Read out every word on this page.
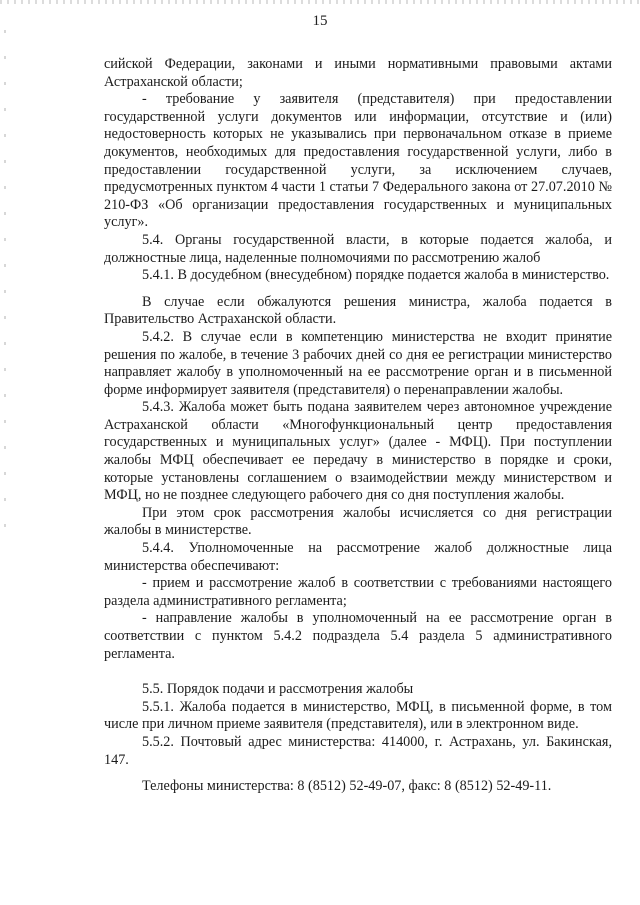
15

сийской Федерации, законами и иными нормативными правовыми актами Астраханской области;

- требование у заявителя (представителя) при предоставлении государственной услуги документов или информации, отсутствие и (или) недостоверность которых не указывались при первоначальном отказе в приеме документов, необходимых для предоставления государственной услуги, либо в предоставлении государственной услуги, за исключением случаев, предусмотренных пунктом 4 части 1 статьи 7 Федерального закона от 27.07.2010 № 210-ФЗ «Об организации предоставления государственных и муниципальных услуг».

5.4. Органы государственной власти, в которые подается жалоба, и должностные лица, наделенные полномочиями по рассмотрению жалоб

5.4.1. В досудебном (внесудебном) порядке подается жалоба в министерство.

В случае если обжалуются решения министра, жалоба подается в Правительство Астраханской области.

5.4.2. В случае если в компетенцию министерства не входит принятие решения по жалобе, в течение 3 рабочих дней со дня ее регистрации министерство направляет жалобу в уполномоченный на ее рассмотрение орган и в письменной форме информирует заявителя (представителя) о перенаправлении жалобы.

5.4.3. Жалоба может быть подана заявителем через автономное учреждение Астраханской области «Многофункциональный центр предоставления государственных и муниципальных услуг» (далее - МФЦ). При поступлении жалобы МФЦ обеспечивает ее передачу в министерство в порядке и сроки, которые установлены соглашением о взаимодействии между министерством и МФЦ, но не позднее следующего рабочего дня со дня поступления жалобы.

При этом срок рассмотрения жалобы исчисляется со дня регистрации жалобы в министерстве.

5.4.4. Уполномоченные на рассмотрение жалоб должностные лица министерства обеспечивают:

- прием и рассмотрение жалоб в соответствии с требованиями настоящего раздела административного регламента;

- направление жалобы в уполномоченный на ее рассмотрение орган в соответствии с пунктом 5.4.2 подраздела 5.4 раздела 5 административного регламента.

5.5. Порядок подачи и рассмотрения жалобы

5.5.1. Жалоба подается в министерство, МФЦ, в письменной форме, в том числе при личном приеме заявителя (представителя), или в электронном виде.

5.5.2. Почтовый адрес министерства: 414000, г. Астрахань, ул. Бакинская, 147.

Телефоны министерства: 8 (8512) 52-49-07, факс: 8 (8512) 52-49-11.
